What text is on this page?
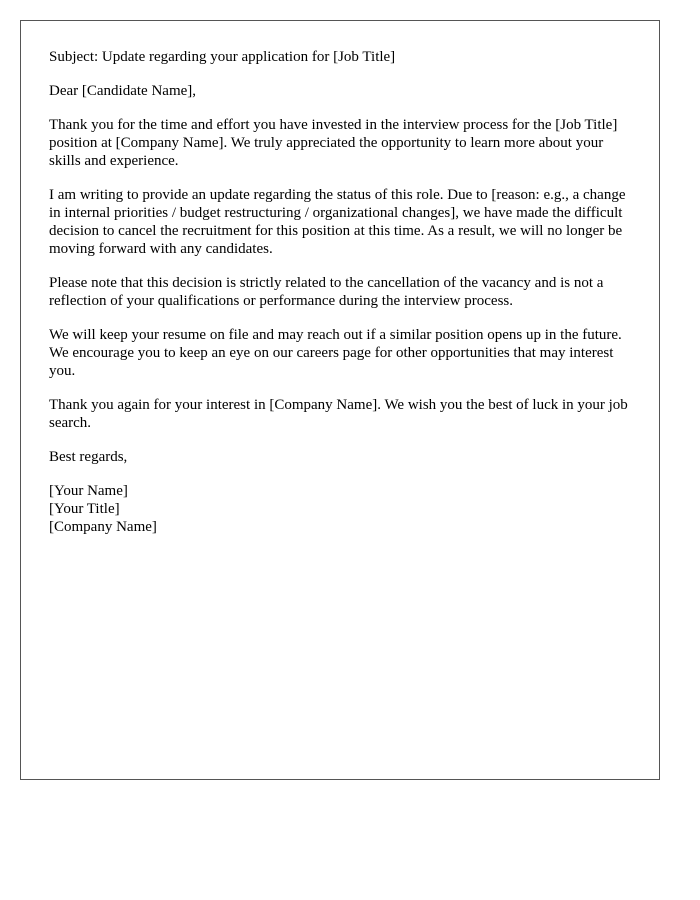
Subject: Update regarding your application for [Job Title]

Dear [Candidate Name],

Thank you for the time and effort you have invested in the interview process for the [Job Title] position at [Company Name]. We truly appreciated the opportunity to learn more about your skills and experience.

I am writing to provide an update regarding the status of this role. Due to [reason: e.g., a change in internal priorities / budget restructuring / organizational changes], we have made the difficult decision to cancel the recruitment for this position at this time. As a result, we will no longer be moving forward with any candidates.

Please note that this decision is strictly related to the cancellation of the vacancy and is not a reflection of your qualifications or performance during the interview process.

We will keep your resume on file and may reach out if a similar position opens up in the future. We encourage you to keep an eye on our careers page for other opportunities that may interest you.

Thank you again for your interest in [Company Name]. We wish you the best of luck in your job search.

Best regards,

[Your Name]
[Your Title]
[Company Name]
